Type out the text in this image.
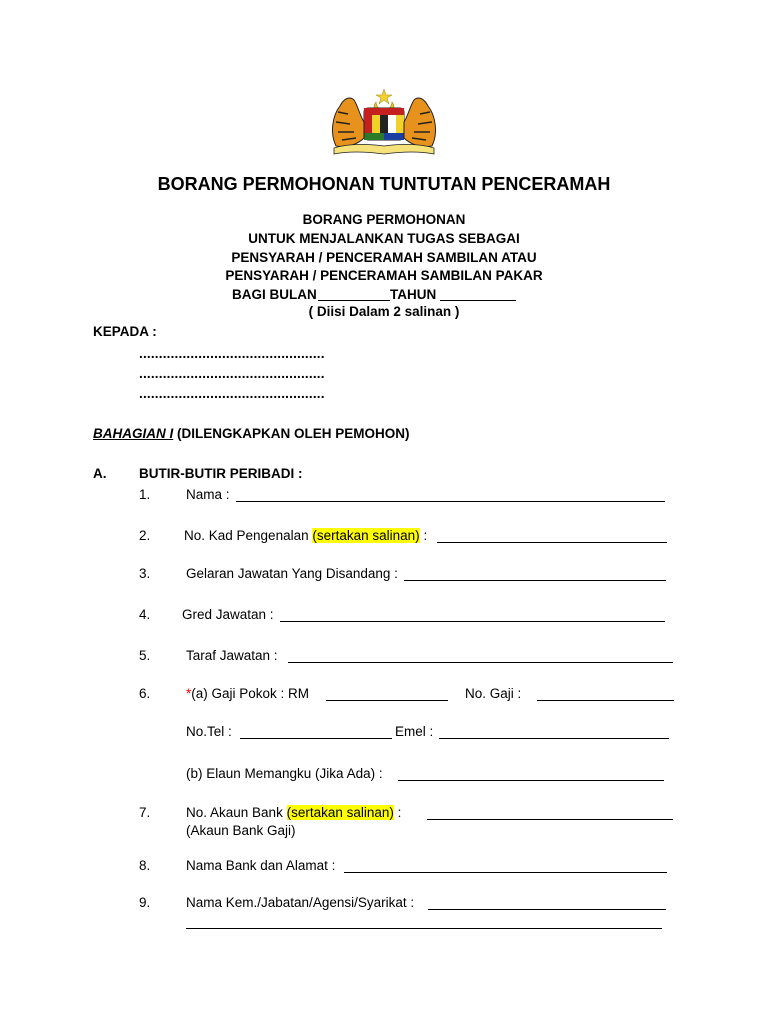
BORANG PERMOHONAN TUNTUTAN PENCERAMAH
BORANG PERMOHONAN
UNTUK MENJALANKAN TUGAS SEBAGAI
PENSYARAH / PENCERAMAH SAMBILAN ATAU
PENSYARAH / PENCERAMAH SAMBILAN PAKAR
BAGI BULAN	TAHUN
( Diisi Dalam 2 salinan )
KEPADA :
...............................................
...............................................
...............................................
BAHAGIAN I (DILENGKAPKAN OLEH PEMOHON)
A. BUTIR-BUTIR PERIBADI :
1.	Nama :
2. No. Kad Pengenalan (sertakan salinan) :
3.	Gelaran Jawatan Yang Disandang :
4. Gred Jawatan :
5.	Taraf Jawatan :
6.	*(a) Gaji Pokok : RM	No. Gaji :
No.Tel :	Emel :
(b) Elaun Memangku (Jika Ada) :
7.	No. Akaun Bank (sertakan salinan) :
(Akaun Bank Gaji)
8.	Nama Bank dan Alamat :
9.	Nama Kem./Jabatan/Agensi/Syarikat :
